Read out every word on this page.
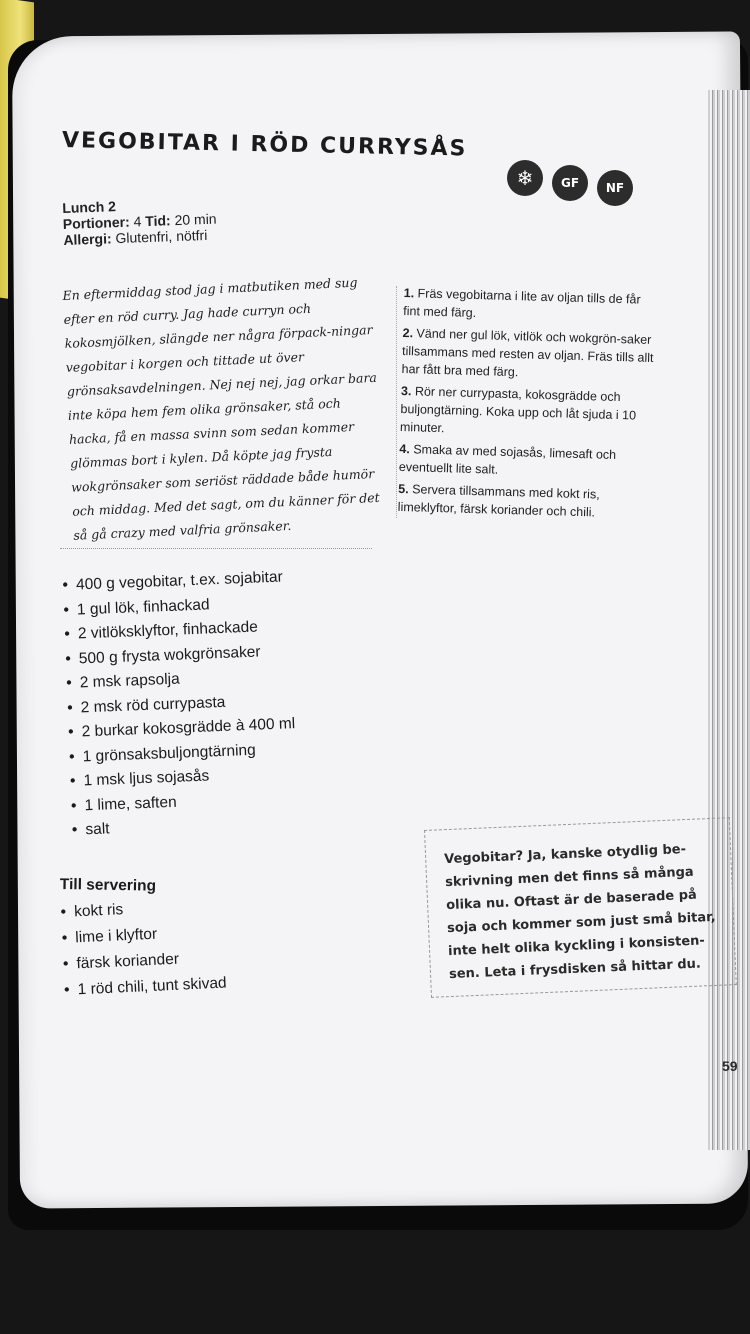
VEGOBITAR I RÖD CURRYSÅS
❄	GF	NF
Lunch 2
Portioner: 4 Tid: 20 min
Allergi: Glutenfri, nötfri
En eftermiddag stod jag i matbutiken med sug efter en röd curry. Jag hade curryn och kokosmjölken, slängde ner några förpack-ningar vegobitar i korgen och tittade ut över grönsaksavdelningen. Nej nej nej, jag orkar bara inte köpa hem fem olika grönsaker, stå och hacka, få en massa svinn som sedan kommer glömmas bort i kylen. Då köpte jag frysta wokgrönsaker som seriöst räddade både humör och middag. Med det sagt, om du känner för det så gå crazy med valfria grönsaker.
1. Fräs vegobitarna i lite av oljan tills de får fint med färg.
2. Vänd ner gul lök, vitlök och wokgrön-saker tillsammans med resten av oljan. Fräs tills allt har fått bra med färg.
3. Rör ner currypasta, kokosgrädde och buljongtärning. Koka upp och låt sjuda i 10 minuter.
4. Smaka av med sojasås, limesaft och eventuellt lite salt.
5. Servera tillsammans med kokt ris, limeklyftor, färsk koriander och chili.
• 400 g vegobitar, t.ex. sojabitar
• 1 gul lök, finhackad
• 2 vitlöksklyftor, finhackade
• 500 g frysta wokgrönsaker
• 2 msk rapsolja
• 2 msk röd currypasta
• 2 burkar kokosgrädde à 400 ml
• 1 grönsaksbuljongtärning
• 1 msk ljus sojasås
• 1 lime, saften
• salt
Till servering
• kokt ris
• lime i klyftor
• färsk koriander
• 1 röd chili, tunt skivad
Vegobitar? Ja, kanske otydlig be-skrivning men det finns så många olika nu. Oftast är de baserade på soja och kommer som just små bitar, inte helt olika kyckling i konsisten-sen. Leta i frysdisken så hittar du.
59
